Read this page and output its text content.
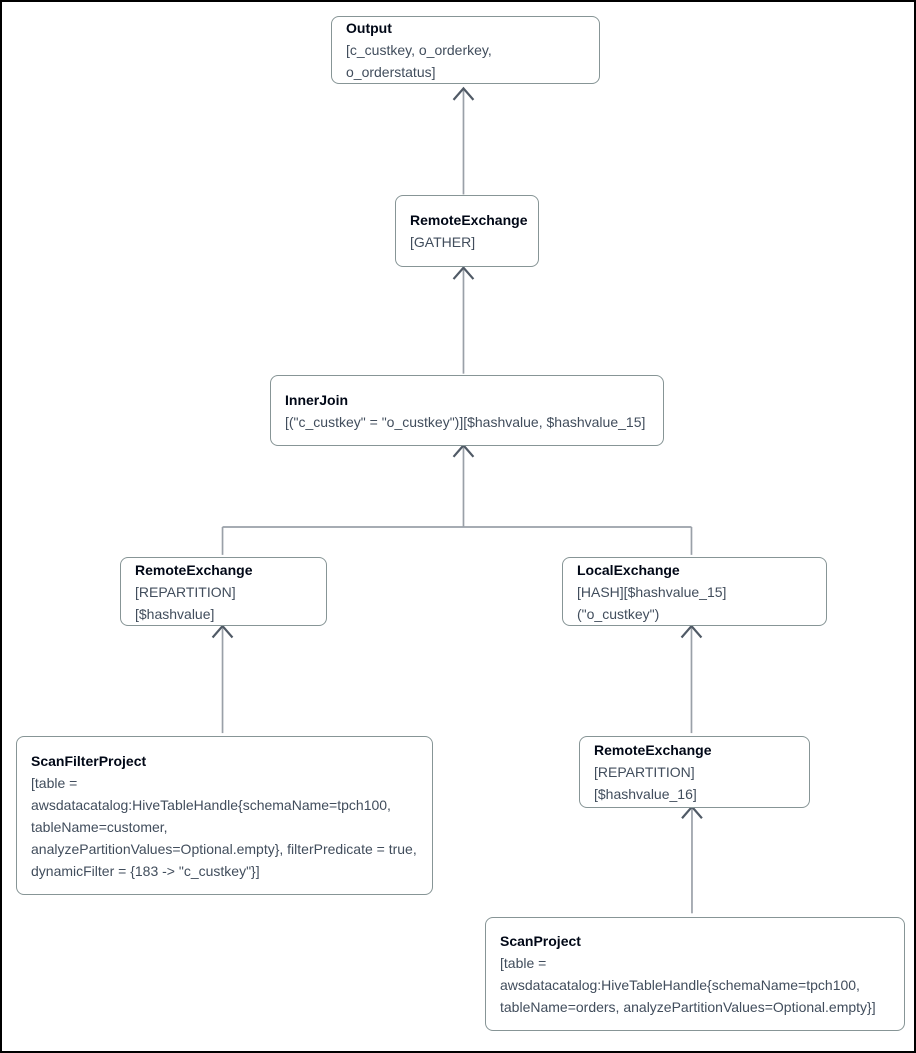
Output
[c_custkey, o_orderkey, o_orderstatus]
RemoteExchange
[GATHER]
InnerJoin
[("c_custkey" = "o_custkey")][$hashvalue, $hashvalue_15]
RemoteExchange
[REPARTITION][$hashvalue]
LocalExchange
[HASH][$hashvalue_15] ("o_custkey")
ScanFilterProject
[table = awsdatacatalog:HiveTableHandle{schemaName=tpch100, tableName=customer, analyzePartitionValues=Optional.empty}, filterPredicate = true, dynamicFilter = {183 -> "c_custkey"}]
RemoteExchange
[REPARTITION][$hashvalue_16]
ScanProject
[table = awsdatacatalog:HiveTableHandle{schemaName=tpch100, tableName=orders, analyzePartitionValues=Optional.empty}]
